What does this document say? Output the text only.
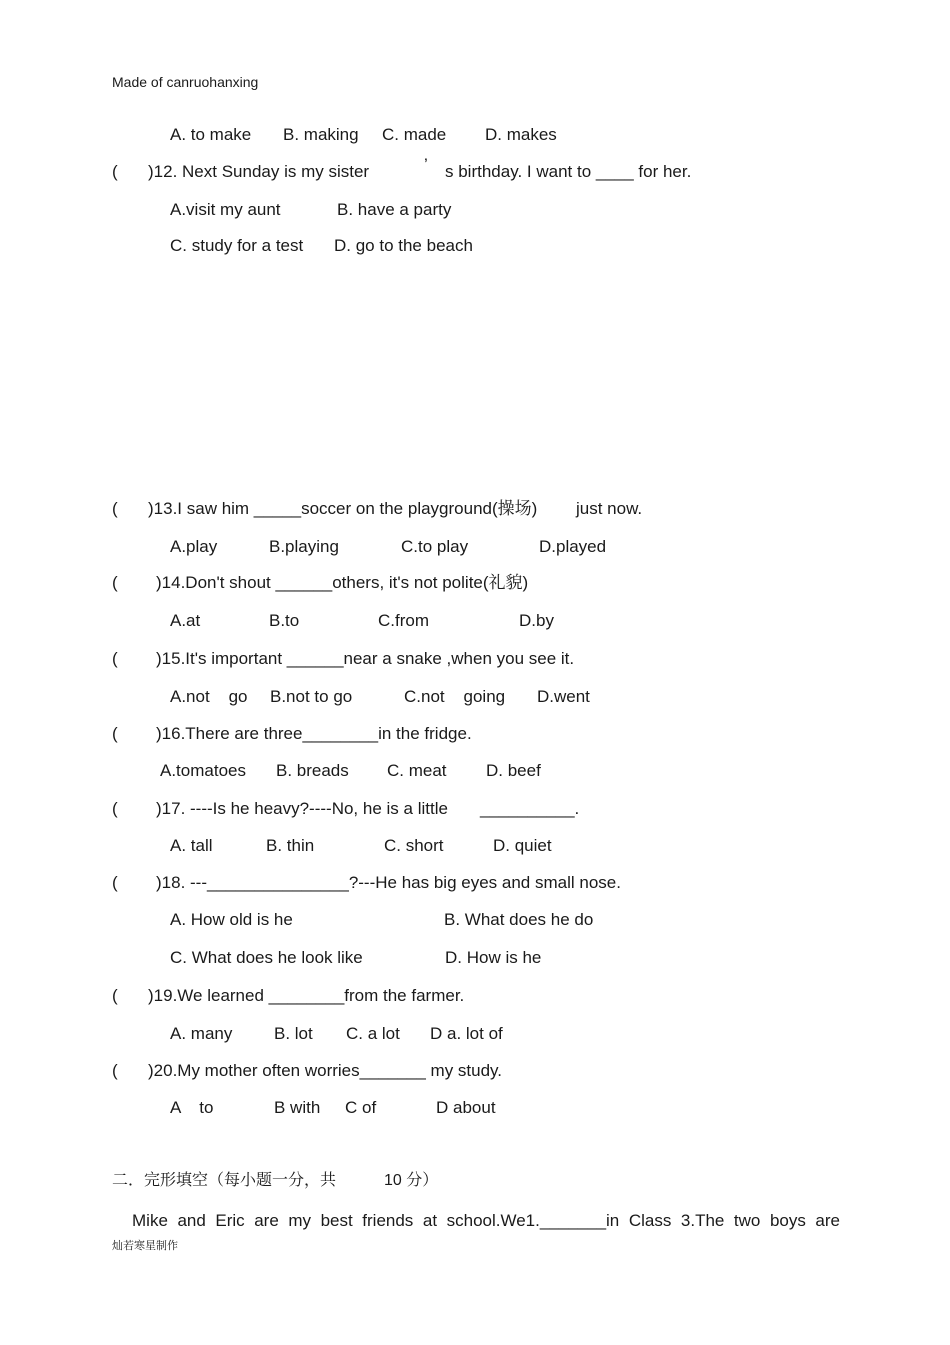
Made of canruohanxing
A. to make B. making C. made D. makes
( )12. Next Sunday is my sister	’ s birthday. I want to ____ for her.
A.visit my aunt	B. have a party
C. study for a test D. go to the beach
( )13.I saw him _____soccer on the playground(操场) just now.
A.play	B.playing	C.to play	D.played
( )14.Don't shout ______others, it's not polite(礼貌)
A.at	B.to	C.from	D.by
( )15.It's important ______near a snake ,when you see it.
A.not    go B.not to go	C.not    going D.went
( )16.There are three________in the fridge.
A.tomatoes B. breads C. meat D. beef
( )17. ----Is he heavy?----No, he is a little __________.
A. tall	B. thin	C. short	D. quiet
( )18. ---_______________?---He has big eyes and small nose.
A. How old is he	B. What does he do
C. What does he look like	D. How is he
( )19.We learned ________from the farmer.
A. many B. lot C. a lot D a. lot of
( )20.My mother often worries_______ my study.
A    to	B with C of	D about
二．完形填空（每小题一分，共	10 分）
Mike and Eric are my best friends at school.We1._______in Class 3.The two boys are
灿若寒星制作
